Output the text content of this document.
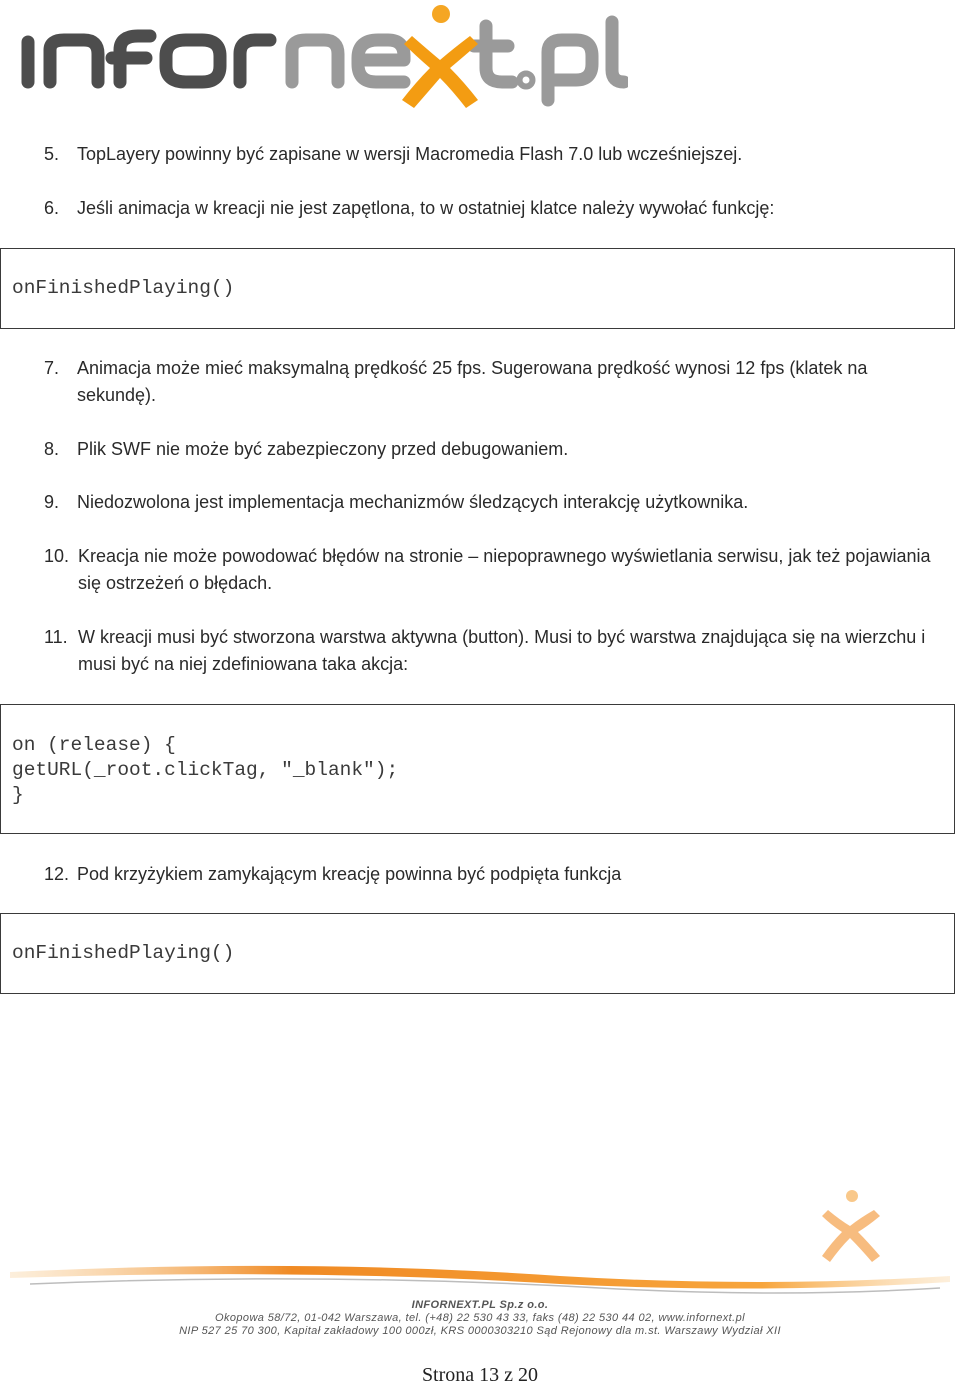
5. TopLayery powinny być zapisane w wersji Macromedia Flash 7.0 lub wcześniejszej.
6. Jeśli animacja w kreacji nie jest zapętlona, to w ostatniej klatce należy wywołać funkcję:
onFinishedPlaying()
7. Animacja może mieć maksymalną prędkość 25 fps. Sugerowana prędkość wynosi 12 fps (klatek na sekundę).
8. Plik SWF nie może być zabezpieczony przed debugowaniem.
9. Niedozwolona jest implementacja mechanizmów śledzących interakcję użytkownika.
10. Kreacja nie może powodować błędów na stronie – niepoprawnego wyświetlania serwisu, jak też pojawiania się ostrzeżeń o błędach.
11. W kreacji musi być stworzona warstwa aktywna (button). Musi to być warstwa znajdująca się na wierzchu i musi być na niej zdefiniowana taka akcja:
on (release) {
getURL(_root.clickTag, "_blank");
}
12. Pod krzyżykiem zamykającym kreację powinna być podpięta funkcja
onFinishedPlaying()
INFORNEXT.PL Sp.z o.o.
Okopowa 58/72, 01-042 Warszawa, tel. (+48) 22 530 43 33, faks (48) 22 530 44 02, www.infornext.pl
NIP 527 25 70 300, Kapitał zakładowy 100 000zł, KRS 0000303210 Sąd Rejonowy dla m.st. Warszawy Wydział XII
Strona 13 z 20
